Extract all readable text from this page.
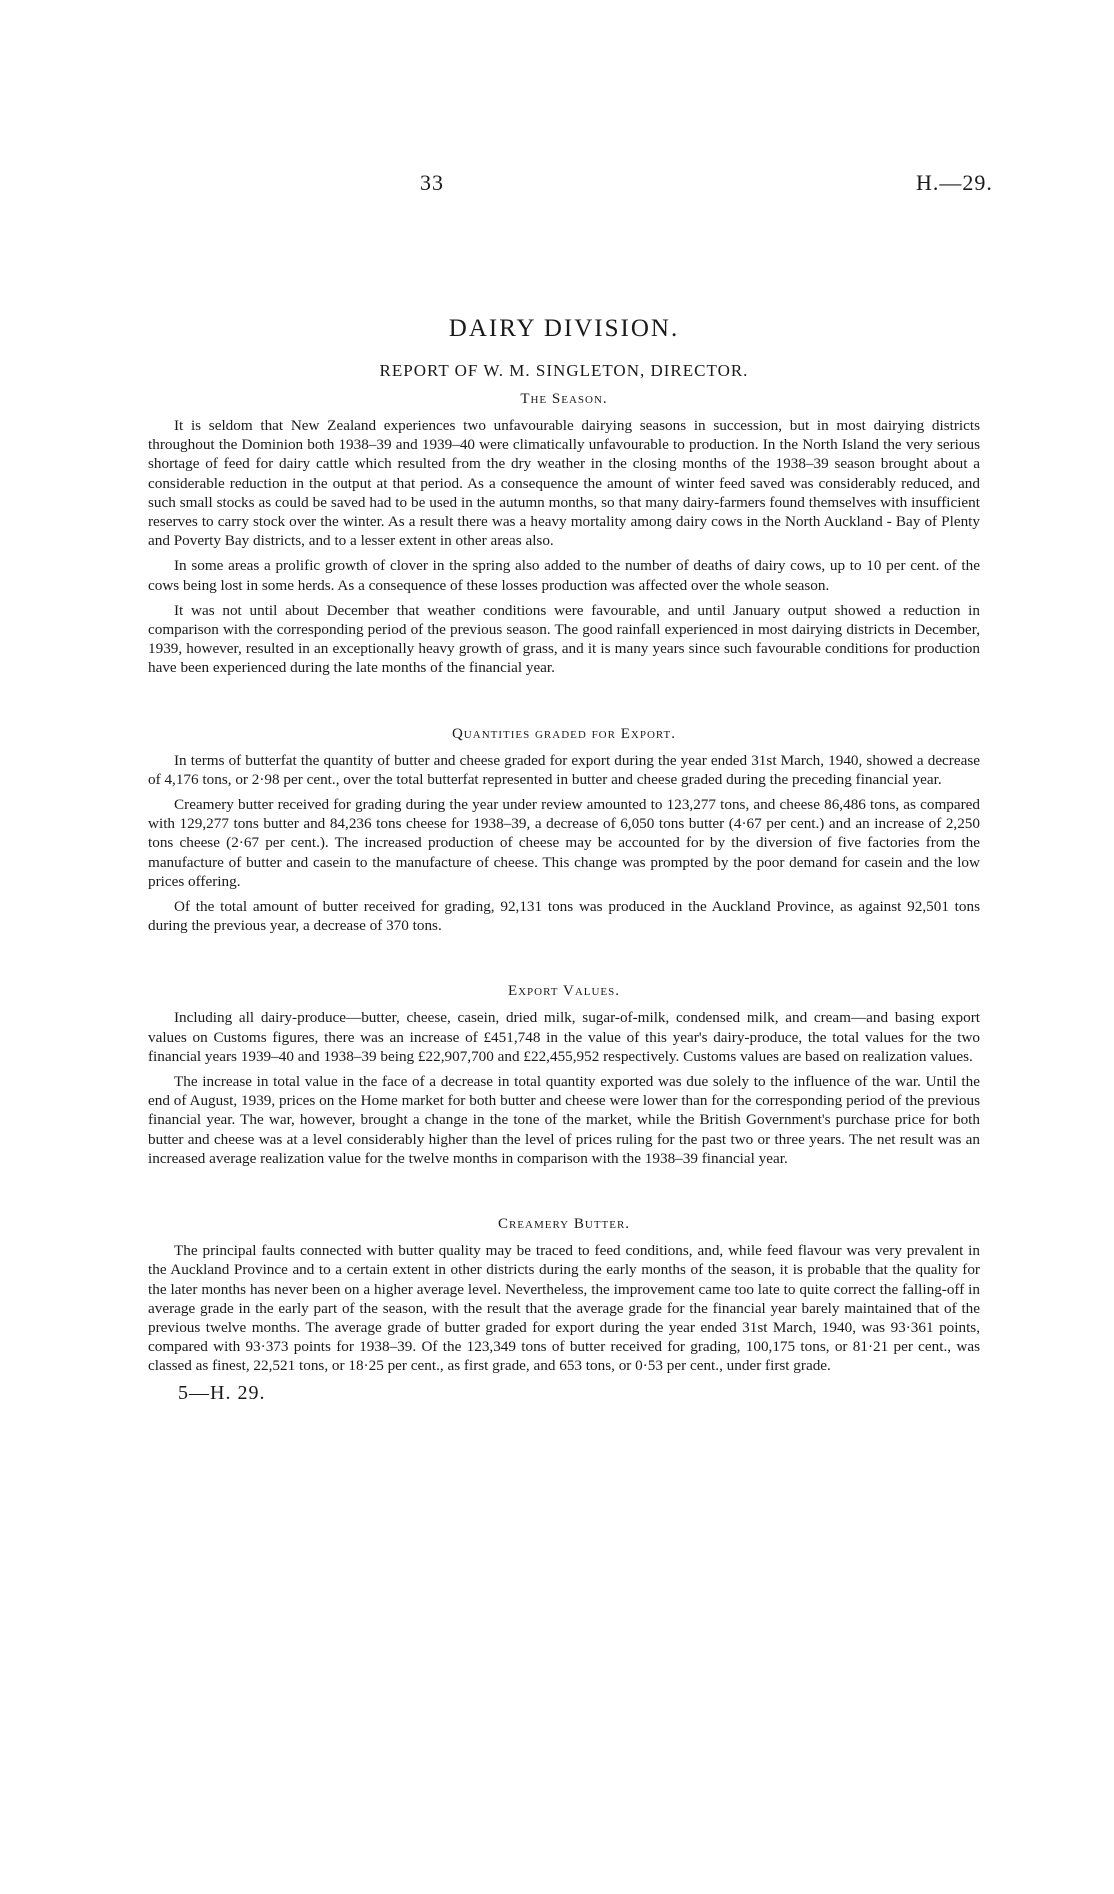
33	H.—29.
DAIRY DIVISION.
REPORT OF W. M. SINGLETON, DIRECTOR.
The Season.

It is seldom that New Zealand experiences two unfavourable dairying seasons in succession, but in most dairying districts throughout the Dominion both 1938–39 and 1939–40 were climatically unfavourable to production. In the North Island the very serious shortage of feed for dairy cattle which resulted from the dry weather in the closing months of the 1938–39 season brought about a considerable reduction in the output at that period. As a consequence the amount of winter feed saved was considerably reduced, and such small stocks as could be saved had to be used in the autumn months, so that many dairy-farmers found themselves with insufficient reserves to carry stock over the winter. As a result there was a heavy mortality among dairy cows in the North Auckland - Bay of Plenty and Poverty Bay districts, and to a lesser extent in other areas also.

In some areas a prolific growth of clover in the spring also added to the number of deaths of dairy cows, up to 10 per cent. of the cows being lost in some herds. As a consequence of these losses production was affected over the whole season.

It was not until about December that weather conditions were favourable, and until January output showed a reduction in comparison with the corresponding period of the previous season. The good rainfall experienced in most dairying districts in December, 1939, however, resulted in an exceptionally heavy growth of grass, and it is many years since such favourable conditions for production have been experienced during the late months of the financial year.

Quantities graded for Export.

In terms of butterfat the quantity of butter and cheese graded for export during the year ended 31st March, 1940, showed a decrease of 4,176 tons, or 2·98 per cent., over the total butterfat represented in butter and cheese graded during the preceding financial year.

Creamery butter received for grading during the year under review amounted to 123,277 tons, and cheese 86,486 tons, as compared with 129,277 tons butter and 84,236 tons cheese for 1938–39, a decrease of 6,050 tons butter (4·67 per cent.) and an increase of 2,250 tons cheese (2·67 per cent.). The increased production of cheese may be accounted for by the diversion of five factories from the manufacture of butter and casein to the manufacture of cheese. This change was prompted by the poor demand for casein and the low prices offering.

Of the total amount of butter received for grading, 92,131 tons was produced in the Auckland Province, as against 92,501 tons during the previous year, a decrease of 370 tons.

Export Values.

Including all dairy-produce—butter, cheese, casein, dried milk, sugar-of-milk, condensed milk, and cream—and basing export values on Customs figures, there was an increase of £451,748 in the value of this year's dairy-produce, the total values for the two financial years 1939–40 and 1938–39 being £22,907,700 and £22,455,952 respectively. Customs values are based on realization values.

The increase in total value in the face of a decrease in total quantity exported was due solely to the influence of the war. Until the end of August, 1939, prices on the Home market for both butter and cheese were lower than for the corresponding period of the previous financial year. The war, however, brought a change in the tone of the market, while the British Government's purchase price for both butter and cheese was at a level considerably higher than the level of prices ruling for the past two or three years. The net result was an increased average realization value for the twelve months in comparison with the 1938–39 financial year.

Creamery Butter.

The principal faults connected with butter quality may be traced to feed conditions, and, while feed flavour was very prevalent in the Auckland Province and to a certain extent in other districts during the early months of the season, it is probable that the quality for the later months has never been on a higher average level. Nevertheless, the improvement came too late to quite correct the falling-off in average grade in the early part of the season, with the result that the average grade for the financial year barely maintained that of the previous twelve months. The average grade of butter graded for export during the year ended 31st March, 1940, was 93·361 points, compared with 93·373 points for 1938–39. Of the 123,349 tons of butter received for grading, 100,175 tons, or 81·21 per cent., was classed as finest, 22,521 tons, or 18·25 per cent., as first grade, and 653 tons, or 0·53 per cent., under first grade.

5—H. 29.
